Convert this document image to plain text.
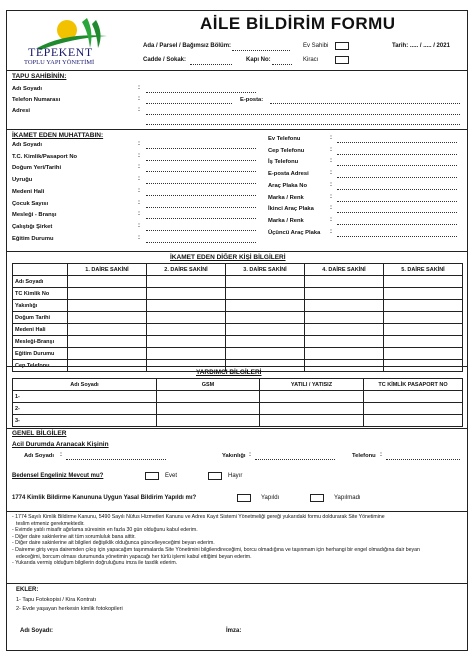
TEPEKENT
TOPLU YAPI YÖNETİMİ
AİLE BİLDİRİM FORMU
Ada / Parsel / Bağımsız Bölüm:
Cadde / Sokak:	Kapı No:
Ev Sahibi
Kiracı
Tarih: ..... / ..... / 2021
TAPU SAHİBİNİN:
Adı Soyadı	:
Telefon Numarası	:	E-posta:
Adresi	:
İKAMET EDEN MUHATTABIN:
Adı Soyadı	:
T.C. Kimlik/Pasaport No	:
Doğum Yeri/Tarihi	:
Uyruğu	:
Medeni Hali	:
Çocuk Sayısı	:
Mesleği - Branşı	:
Çalıştığı Şirket	:
Eğitim Durumu	:
Ev Telefonu	:
Cep Telefonu	:
İş Telefonu	:
E-posta Adresi	:
Araç Plaka No	:
Marka / Renk	:
İkinci Araç Plaka	:
Marka / Renk	:
Üçüncü Araç Plaka :
İKAMET EDEN DİĞER KİŞİ BİLGİLERİ
	1. DAİRE SAKİNİ	2. DAİRE SAKİNİ	3. DAİRE SAKİNİ	4. DAİRE SAKİNİ	5. DAİRE SAKİNİ
Adı Soyadı					
TC Kimlik No					
Yakınlığı					
Doğum Tarihi					
Medeni Hali					
Mesleği-Branşı					
Eğitim Durumu					
Cep Telefonu					
YARDIMCI BİLGİLERİ
Adı Soyadı	GSM	YATILI / YATISIZ	TC KİMLİK PASAPORT NO
1-			
2-			
3-			
GENEL BİLGİLER
Acil Durumda Aranacak Kişinin
Adı Soyadı :	Yakınlığı :	Telefonu :
Bedensel Engeliniz Mevcut mu?	Evet	Hayır
1774 Kimlik Bildirme Kanununa Uygun Yasal Bildirim Yapıldı mı?	Yapıldı	Yapılmadı
- 1774 Sayılı Kimlik Bildirme Kanunu, 5490 Sayılı Nüfus Hizmetleri Kanunu ve Adres Kayıt Sistemi Yönetmeliği gereği yukarıdaki formu doldurarak Site Yönetimine
teslim etmeniz gerekmektedir.
- Evimde yatılı misafir ağırlama süresinin en fazla 30 gün olduğunu kabul ederim.
- Diğer daire sakinlerine ait tüm sorumluluk bana aittir.
- Diğer daire sakinlerine ait bilgileri değişiklik olduğunca güncelleyeceğimi beyan ederim.
- Daireme giriş veya dairemden çıkış için yapacağım taşınmalarda Site Yönetimini bilgilendireceğimi, borcu olmadığına ve taşınmam için herhangi bir engel olmadığına dair beyan
edeceğimi, borcum olması durumunda yönetimin yapacağı her türlü işlemi kabul ettiğimi beyan ederim.
- Yukarıda vermiş olduğum bilgilerin doğruluğunu imza ile tasdik ederim.
EKLER:
1- Tapu Fotokopisi / Kira Kontratı
2- Evde yaşayan herkesin kimlik fotokopileri
Adı Soyadı:	İmza:
